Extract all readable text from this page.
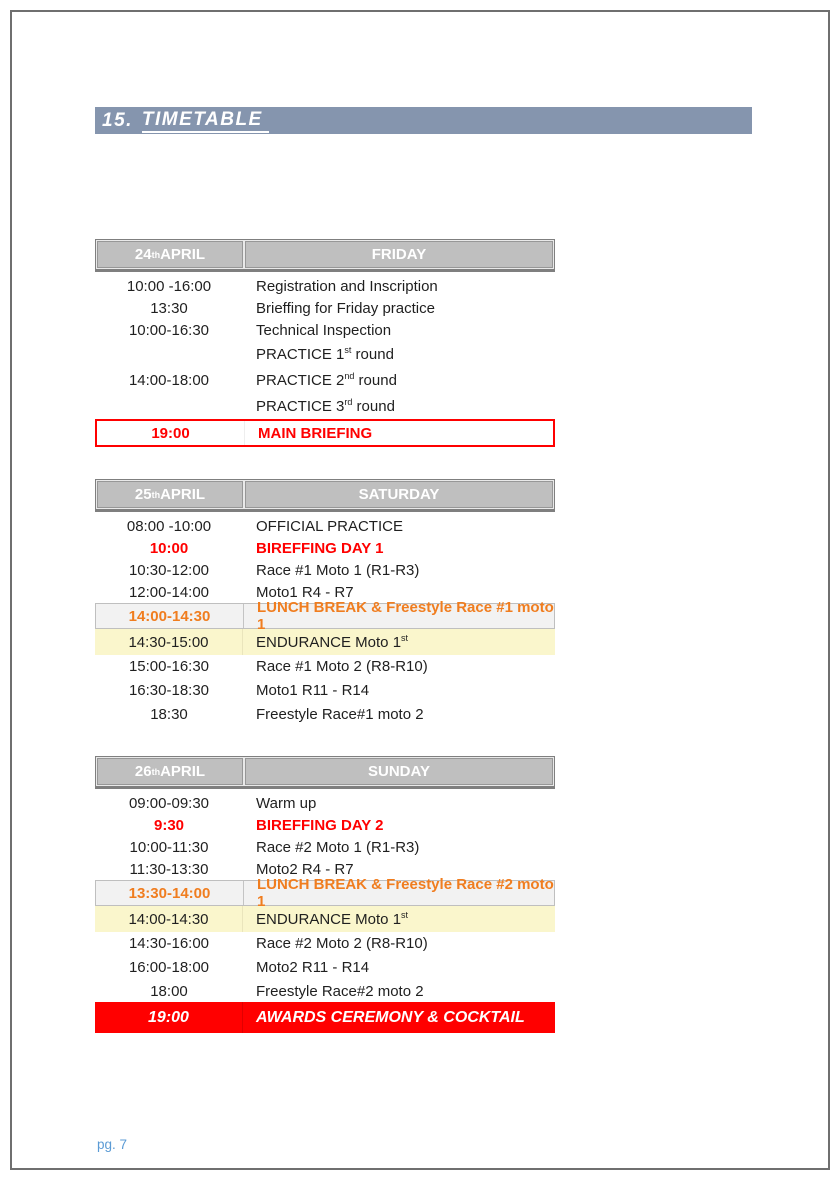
15. TIMETABLE
24 th APRIL	FRIDAY
10:00 -16:00	Registration and Inscription
13:30	Brieffing for Friday practice
10:00-16:30	Technical Inspection
PRACTICE 1st round
14:00-18:00	PRACTICE 2nd round
PRACTICE 3rd round
19:00	MAIN BRIEFING
25 th APRIL	SATURDAY
08:00 -10:00	OFFICIAL PRACTICE
10:00	BIREFFING DAY 1
10:30-12:00	Race #1 Moto 1 (R1-R3)
12:00-14:00	Moto1 R4 - R7
14:00-14:30	LUNCH BREAK & Freestyle Race #1 moto 1
14:30-15:00	ENDURANCE Moto 1st
15:00-16:30	Race #1 Moto 2 (R8-R10)
16:30-18:30	Moto1 R11 - R14
18:30	Freestyle Race#1 moto 2
26 th APRIL	SUNDAY
09:00-09:30	Warm up
9:30	BIREFFING DAY 2
10:00-11:30	Race #2 Moto 1 (R1-R3)
11:30-13:30	Moto2 R4 - R7
13:30-14:00	LUNCH BREAK & Freestyle Race #2 moto 1
14:00-14:30	ENDURANCE Moto 1st
14:30-16:00	Race #2 Moto 2 (R8-R10)
16:00-18:00	Moto2 R11 - R14
18:00	Freestyle Race#2 moto 2
19:00	AWARDS CEREMONY & COCKTAIL
pg. 7
